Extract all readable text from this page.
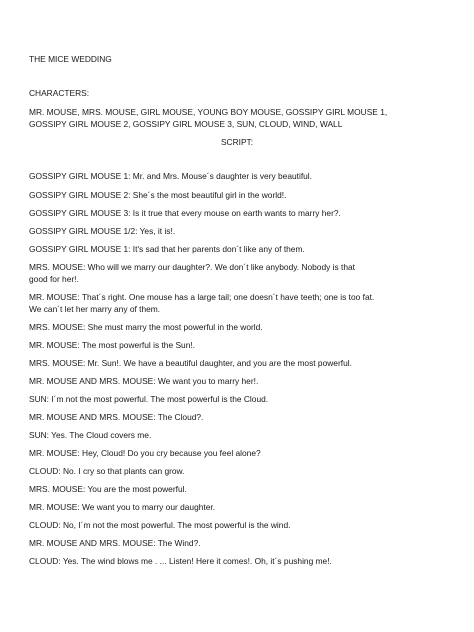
THE MICE WEDDING
CHARACTERS:
MR. MOUSE, MRS. MOUSE, GIRL MOUSE, YOUNG BOY MOUSE, GOSSIPY GIRL MOUSE 1,
GOSSIPY GIRL MOUSE 2, GOSSIPY GIRL MOUSE 3, SUN, CLOUD, WIND, WALL
SCRIPT:
GOSSIPY GIRL MOUSE 1: Mr. and Mrs. Mouse´s daughter is very beautiful.
GOSSIPY GIRL MOUSE 2: She´s the most beautiful girl in the world!.
GOSSIPY GIRL MOUSE 3: Is it true that every mouse on earth wants to marry her?.
GOSSIPY GIRL MOUSE 1/2: Yes, it is!.
GOSSIPY GIRL MOUSE 1: It's sad that her parents don´t like any of them.
MRS. MOUSE: Who will we marry our daughter?. We don´t like anybody. Nobody is that
good for her!.
MR. MOUSE: That´s right. One mouse has a large tail; one doesn´t have teeth; one is too fat.
We can´t let her marry any of them.
MRS. MOUSE: She must marry the most powerful in the world.
MR. MOUSE: The most powerful is the Sun!.
MRS. MOUSE: Mr. Sun!. We have a beautiful daughter, and you are the most powerful.
MR. MOUSE AND MRS. MOUSE: We want you to marry her!.
SUN: I´m not the most powerful. The most powerful is the Cloud.
MR. MOUSE AND MRS. MOUSE: The Cloud?.
SUN: Yes. The Cloud covers me.
MR. MOUSE: Hey, Cloud! Do you cry because you feel alone?
CLOUD: No. I cry so that plants can grow.
MRS. MOUSE: You are the most powerful.
MR. MOUSE: We want you to marry our daughter.
CLOUD: No, I´m not the most powerful. The most powerful is the wind.
MR. MOUSE AND MRS. MOUSE: The Wind?.
CLOUD: Yes. The wind blows me . ... Listen! Here it comes!. Oh, it´s pushing me!.
